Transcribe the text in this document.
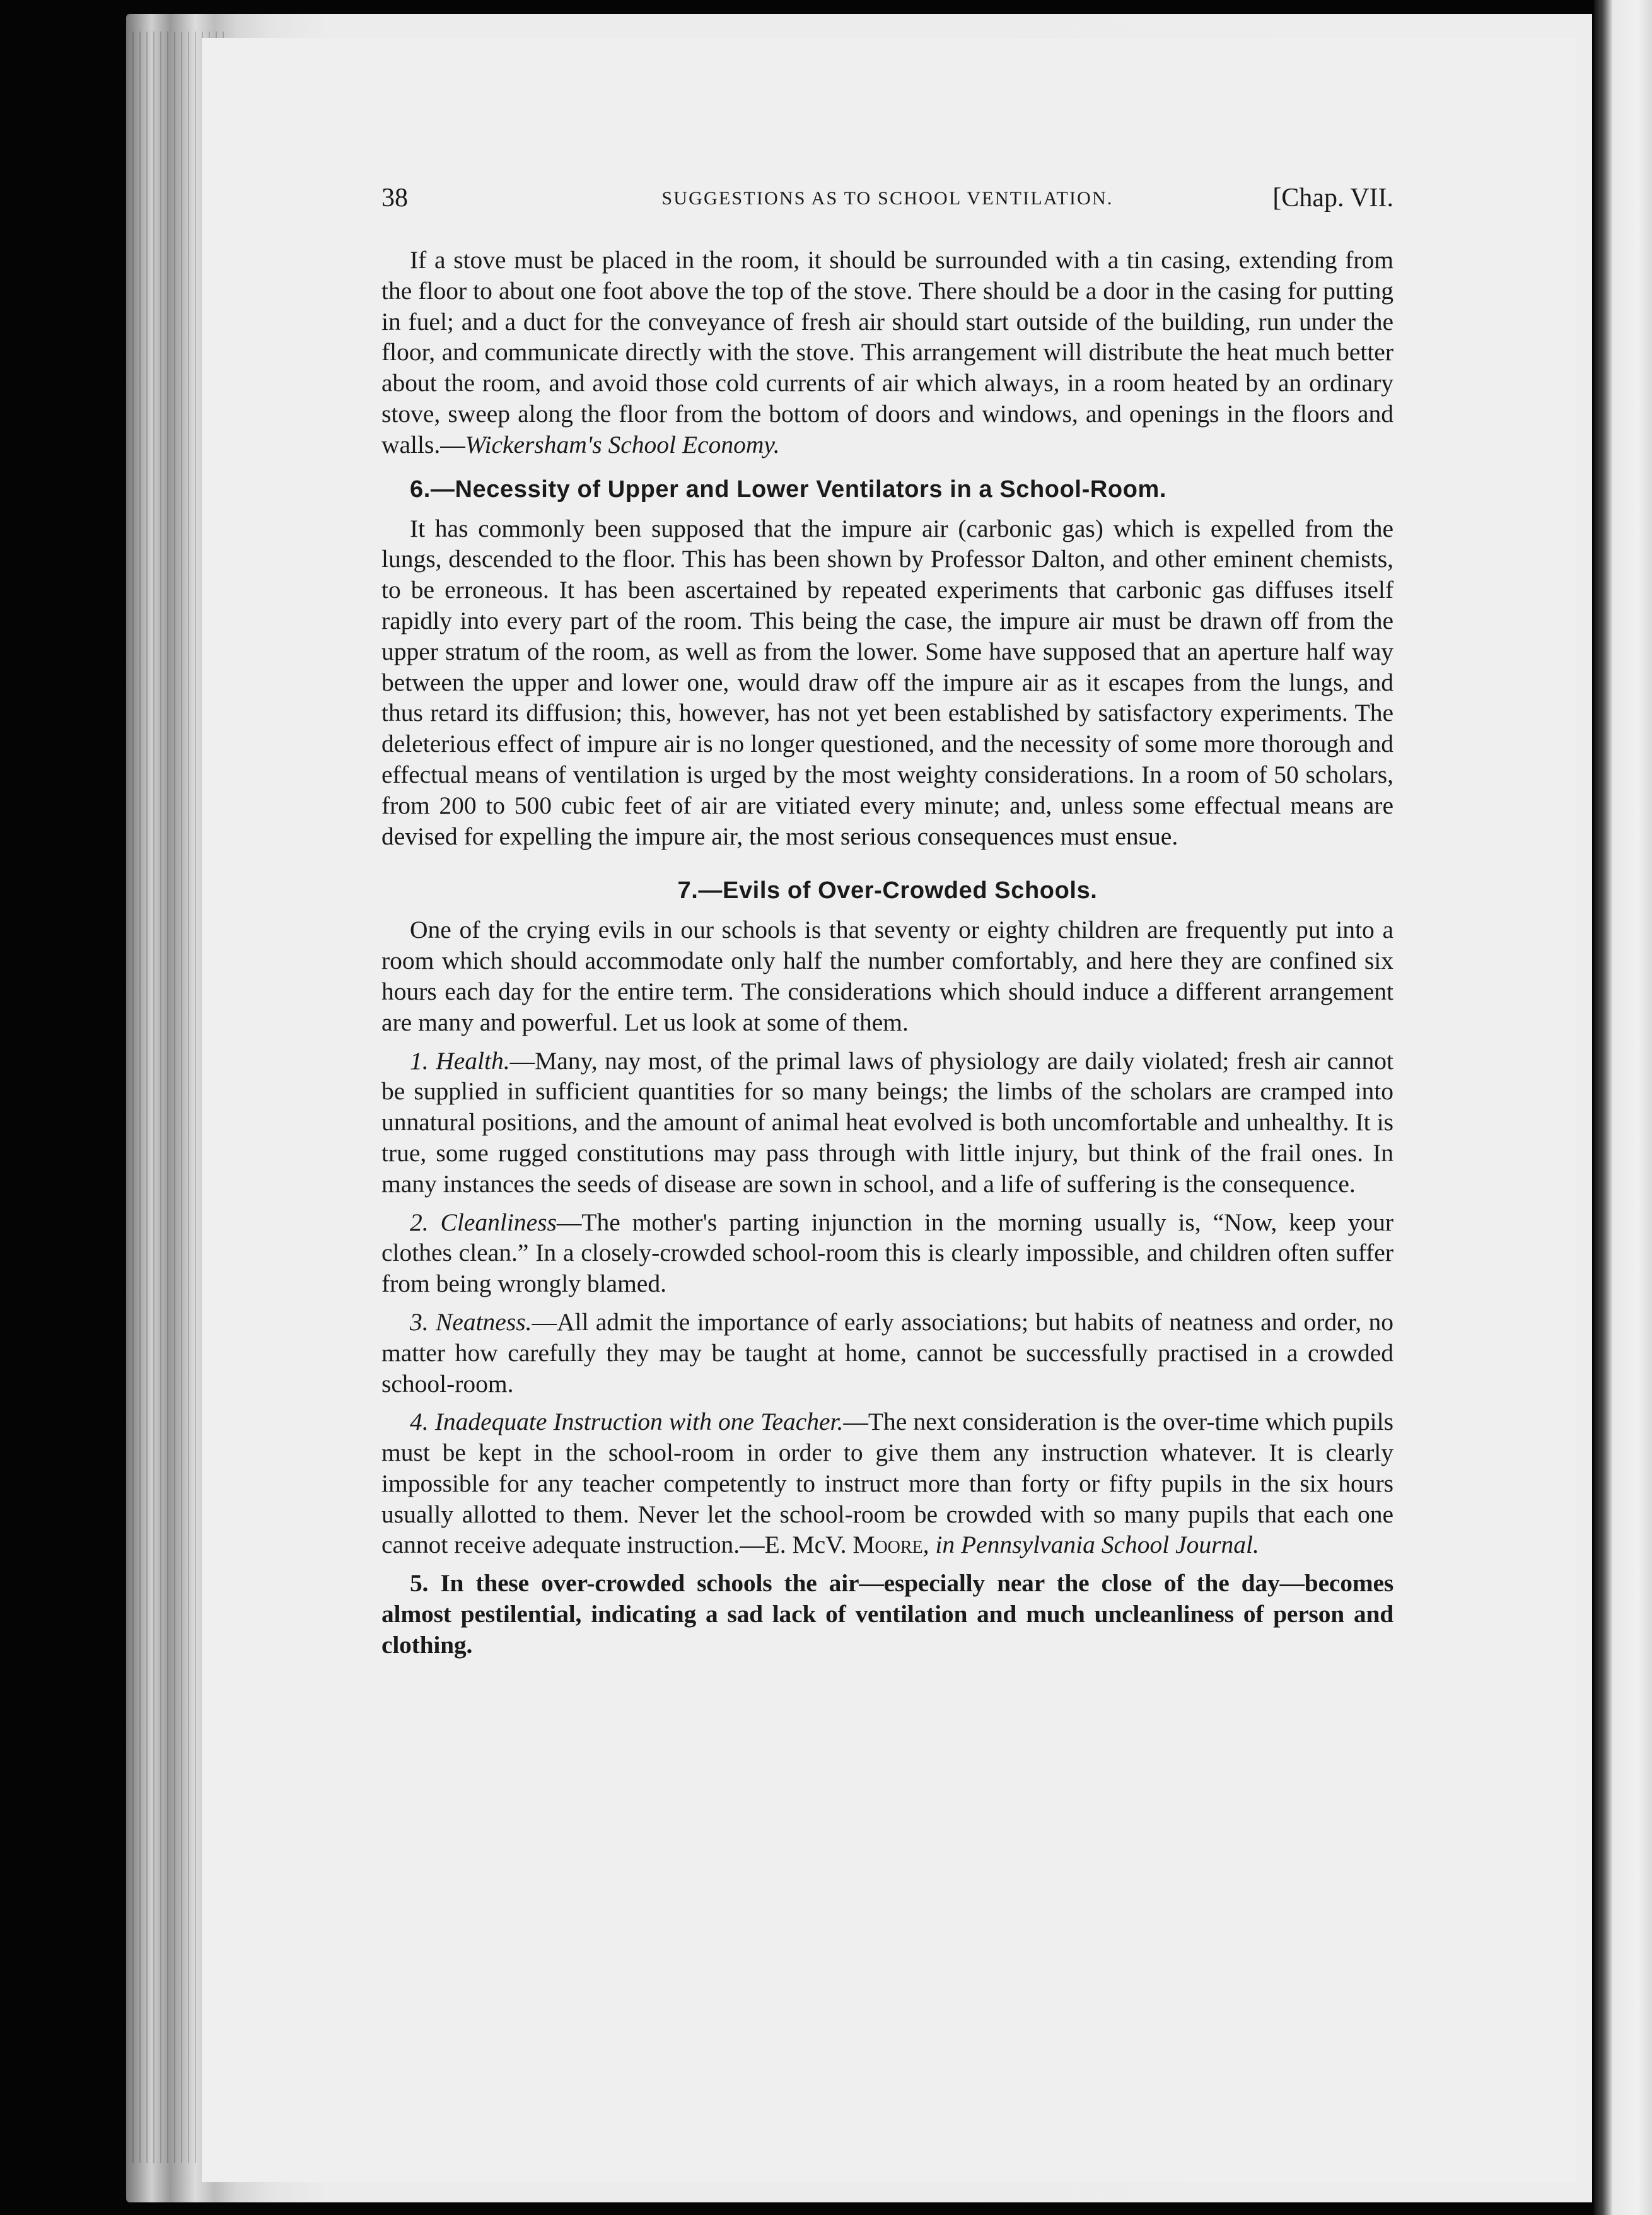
38	SUGGESTIONS AS TO SCHOOL VENTILATION.	[Chap. VII.

If a stove must be placed in the room, it should be surrounded with a tin casing, extending from the floor to about one foot above the top of the stove. There should be a door in the casing for putting in fuel; and a duct for the conveyance of fresh air should start outside of the building, run under the floor, and communicate directly with the stove. This arrangement will distribute the heat much better about the room, and avoid those cold currents of air which always, in a room heated by an ordinary stove, sweep along the floor from the bottom of doors and windows, and openings in the floors and walls.—Wickersham's School Economy.

6.—Necessity of Upper and Lower Ventilators in a School-Room.

It has commonly been supposed that the impure air (carbonic gas) which is expelled from the lungs, descended to the floor. This has been shown by Professor Dalton, and other eminent chemists, to be erroneous. It has been ascertained by repeated experiments that carbonic gas diffuses itself rapidly into every part of the room. This being the case, the impure air must be drawn off from the upper stratum of the room, as well as from the lower. Some have supposed that an aperture half way between the upper and lower one, would draw off the impure air as it escapes from the lungs, and thus retard its diffusion; this, however, has not yet been established by satisfactory experiments. The deleterious effect of impure air is no longer questioned, and the necessity of some more thorough and effectual means of ventilation is urged by the most weighty considerations. In a room of 50 scholars, from 200 to 500 cubic feet of air are vitiated every minute; and, unless some effectual means are devised for expelling the impure air, the most serious consequences must ensue.

7.—Evils of Over-Crowded Schools.

One of the crying evils in our schools is that seventy or eighty children are frequently put into a room which should accommodate only half the number comfortably, and here they are confined six hours each day for the entire term. The considerations which should induce a different arrangement are many and powerful. Let us look at some of them.

1. Health.—Many, nay most, of the primal laws of physiology are daily violated; fresh air cannot be supplied in sufficient quantities for so many beings; the limbs of the scholars are cramped into unnatural positions, and the amount of animal heat evolved is both uncomfortable and unhealthy. It is true, some rugged constitutions may pass through with little injury, but think of the frail ones. In many instances the seeds of disease are sown in school, and a life of suffering is the consequence.

2. Cleanliness—The mother's parting injunction in the morning usually is, “Now, keep your clothes clean.” In a closely-crowded school-room this is clearly impossible, and children often suffer from being wrongly blamed.

3. Neatness.—All admit the importance of early associations; but habits of neatness and order, no matter how carefully they may be taught at home, cannot be successfully practised in a crowded school-room.

4. Inadequate Instruction with one Teacher.—The next consideration is the over-time which pupils must be kept in the school-room in order to give them any instruction whatever. It is clearly impossible for any teacher competently to instruct more than forty or fifty pupils in the six hours usually allotted to them. Never let the school-room be crowded with so many pupils that each one cannot receive adequate instruction.—E. McV. Moore, in Pennsylvania School Journal.

5. In these over-crowded schools the air—especially near the close of the day—becomes almost pestilential, indicating a sad lack of ventilation and much uncleanliness of person and clothing.
